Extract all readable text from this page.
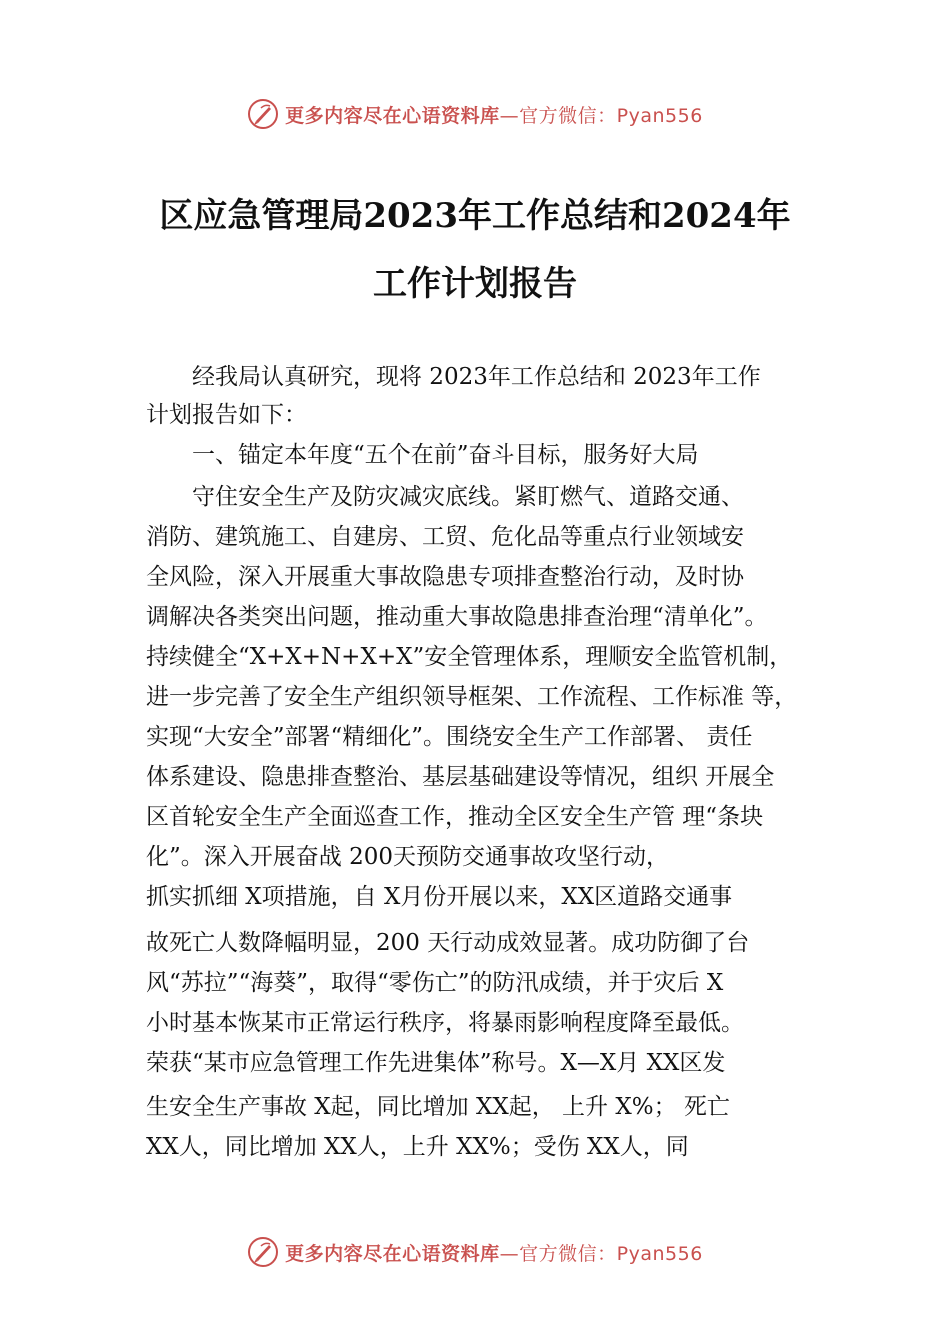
更多内容尽在心语资料库—官方微信：Pyan556
区应急管理局2023年工作总结和2024年
工作计划报告
　　经我局认真研究，现将 2023年工作总结和 2023年工作
计划报告如下：
　　一、锚定本年度“五个在前”奋斗目标，服务好大局
　　守住安全生产及防灾减灾底线。紧盯燃气、道路交通、
消防、建筑施工、自建房、工贸、危化品等重点行业领域安
全风险，深入开展重大事故隐患专项排查整治行动，及时协
调解决各类突出问题，推动重大事故隐患排查治理“清单化”。
持续健全“X+X+N+X+X”安全管理体系，理顺安全监管机制，
进一步完善了安全生产组织领导框架、工作流程、工作标准 等，
实现“大安全”部署“精细化”。围绕安全生产工作部署、 责任
体系建设、隐患排查整治、基层基础建设等情况，组织 开展全
区首轮安全生产全面巡查工作，推动全区安全生产管 理“条块
化”。深入开展奋战 200天预防交通事故攻坚行动，
抓实抓细 X项措施，自 X月份开展以来，XX区道路交通事
故死亡人数降幅明显，200 天行动成效显著。成功防御了台
风“苏拉”“海葵”，取得“零伤亡”的防汛成绩，并于灾后 X
小时基本恢某市正常运行秩序，将暴雨影响程度降至最低。
荣获“某市应急管理工作先进集体”称号。X—X月 XX区发
生安全生产事故 X起，同比增加 XX起， 上升 X%； 死亡
XX人，同比增加 XX人，上升 XX%；受伤 XX人，同
更多内容尽在心语资料库—官方微信：Pyan556
